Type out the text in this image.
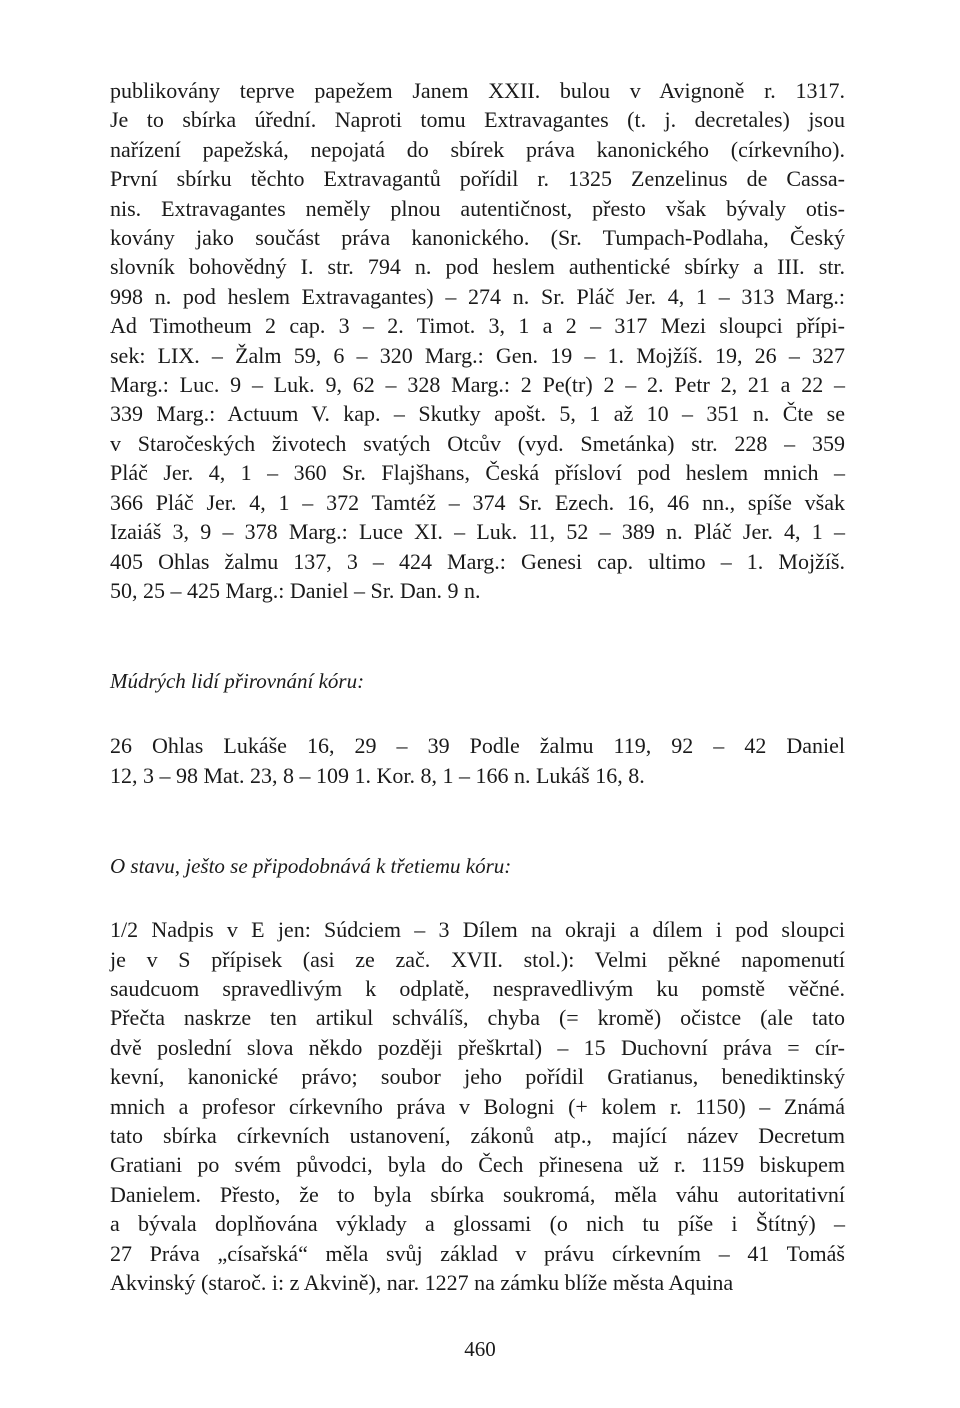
publikovány teprve papežem Janem XXII. bulou v Avignoně r. 1317.
Je to sbírka úřední. Naproti tomu Extravagantes (t. j. decretales) jsou
nařízení papežská, nepojatá do sbírek práva kanonického (církevního).
První sbírku těchto Extravagantů pořídil r. 1325 Zenzelinus de Cassa-
nis. Extravagantes neměly plnou autentičnost, přesto však bývaly otis-
kovány jako součást práva kanonického. (Sr. Tumpach-Podlaha, Český
slovník bohovědný I. str. 794 n. pod heslem authentické sbírky a III. str.
998 n. pod heslem Extravagantes) – 274 n. Sr. Pláč Jer. 4, 1 – 313 Marg.:
Ad Timotheum 2 cap. 3 – 2. Timot. 3, 1 a 2 – 317 Mezi sloupci přípi-
sek: LIX. – Žalm 59, 6 – 320 Marg.: Gen. 19 – 1. Mojžíš. 19, 26 – 327
Marg.: Luc. 9 – Luk. 9, 62 – 328 Marg.: 2 Pe(tr) 2 – 2. Petr 2, 21 a 22 –
339 Marg.: Actuum V. kap. – Skutky apošt. 5, 1 až 10 – 351 n. Čte se
v Staročeských životech svatých Otcův (vyd. Smetánka) str. 228 – 359
Pláč Jer. 4, 1 – 360 Sr. Flajšhans, Česká přísloví pod heslem mnich –
366 Pláč Jer. 4, 1 – 372 Tamtéž – 374 Sr. Ezech. 16, 46 nn., spíše však
Izaiáš 3, 9 – 378 Marg.: Luce XI. – Luk. 11, 52 – 389 n. Pláč Jer. 4, 1 –
405 Ohlas žalmu 137, 3 – 424 Marg.: Genesi cap. ultimo – 1. Mojžíš.
50, 25 – 425 Marg.: Daniel – Sr. Dan. 9 n.
Múdrých lidí přirovnání kóru:
26 Ohlas Lukáše 16, 29 – 39 Podle žalmu 119, 92 – 42 Daniel
12, 3 – 98 Mat. 23, 8 – 109 1. Kor. 8, 1 – 166 n. Lukáš 16, 8.
O stavu, ješto se připodobnává k třetiemu kóru:
1/2 Nadpis v E jen: Súdciem – 3 Dílem na okraji a dílem i pod sloupci
je v S přípisek (asi ze zač. XVII. stol.): Velmi pěkné napomenutí
saudcuom spravedlivým k odplatě, nespravedlivým ku pomstě věčné.
Přečta naskrze ten artikul schválíš, chyba (= kromě) očistce (ale tato
dvě poslední slova někdo později přeškrtal) – 15 Duchovní práva = cír-
kevní, kanonické právo; soubor jeho pořídil Gratianus, benediktinský
mnich a profesor církevního práva v Bologni (+ kolem r. 1150) – Známá
tato sbírka církevních ustanovení, zákonů atp., mající název Decretum
Gratiani po svém původci, byla do Čech přinesena už r. 1159 biskupem
Danielem. Přesto, že to byla sbírka soukromá, měla váhu autoritativní
a bývala doplňována výklady a glossami (o nich tu píše i Štítný) –
27 Práva „císařská“ měla svůj základ v právu církevním – 41 Tomáš
Akvinský (staroč. i: z Akvině), nar. 1227 na zámku blíže města Aquina
460
